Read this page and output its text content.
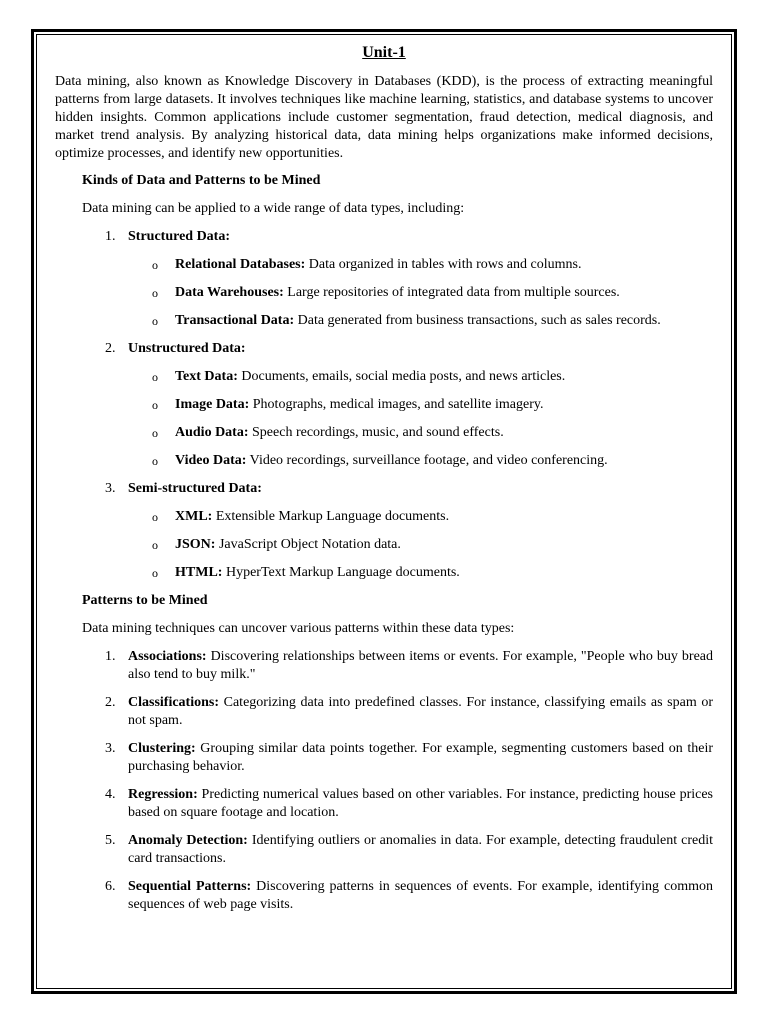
Unit-1

Data mining, also known as Knowledge Discovery in Databases (KDD), is the process of extracting meaningful patterns from large datasets. It involves techniques like machine learning, statistics, and database systems to uncover hidden insights. Common applications include customer segmentation, fraud detection, medical diagnosis, and market trend analysis. By analyzing historical data, data mining helps organizations make informed decisions, optimize processes, and identify new opportunities.

Kinds of Data and Patterns to be Mined

Data mining can be applied to a wide range of data types, including:

1. Structured Data:
o Relational Databases: Data organized in tables with rows and columns.
o Data Warehouses: Large repositories of integrated data from multiple sources.
o Transactional Data: Data generated from business transactions, such as sales records.
2. Unstructured Data:
o Text Data: Documents, emails, social media posts, and news articles.
o Image Data: Photographs, medical images, and satellite imagery.
o Audio Data: Speech recordings, music, and sound effects.
o Video Data: Video recordings, surveillance footage, and video conferencing.
3. Semi-structured Data:
o XML: Extensible Markup Language documents.
o JSON: JavaScript Object Notation data.
o HTML: HyperText Markup Language documents.

Patterns to be Mined

Data mining techniques can uncover various patterns within these data types:

1. Associations: Discovering relationships between items or events. For example, "People who buy bread also tend to buy milk."
2. Classifications: Categorizing data into predefined classes. For instance, classifying emails as spam or not spam.
3. Clustering: Grouping similar data points together. For example, segmenting customers based on their purchasing behavior.
4. Regression: Predicting numerical values based on other variables. For instance, predicting house prices based on square footage and location.
5. Anomaly Detection: Identifying outliers or anomalies in data. For example, detecting fraudulent credit card transactions.
6. Sequential Patterns: Discovering patterns in sequences of events. For example, identifying common sequences of web page visits.
